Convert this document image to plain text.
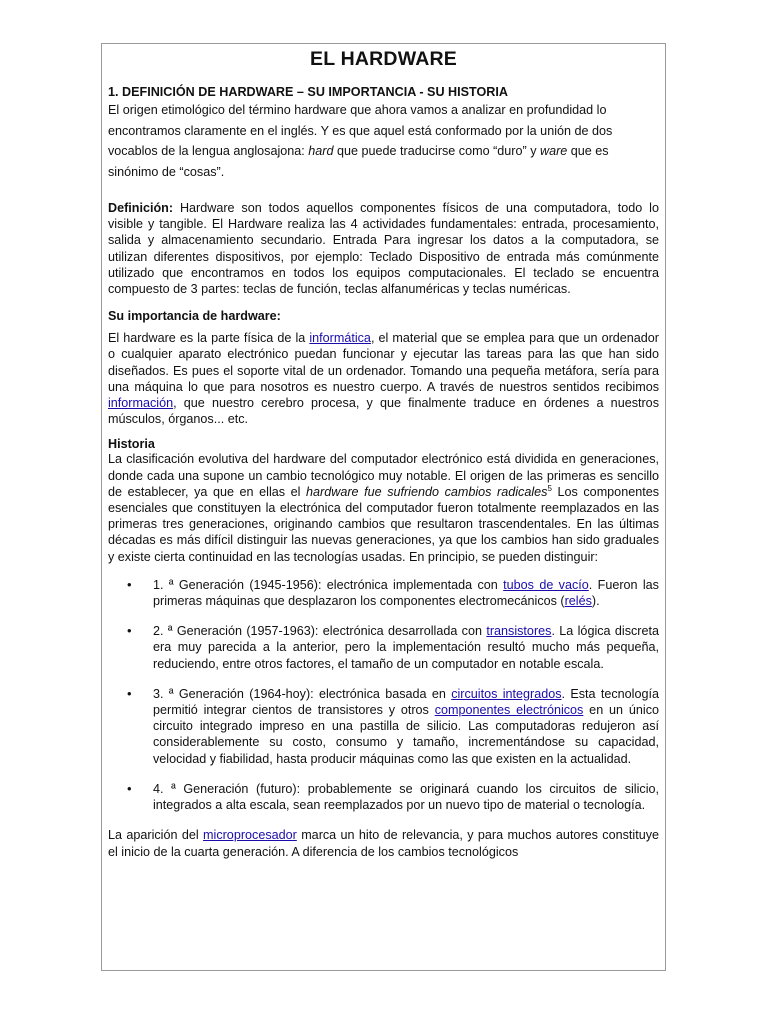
EL HARDWARE
1. DEFINICIÓN DE HARDWARE – SU IMPORTANCIA - SU HISTORIA

El origen etimológico del término hardware que ahora vamos a analizar en profundidad lo encontramos claramente en el inglés. Y es que aquel está conformado por la unión de dos vocablos de la lengua anglosajona: hard que puede traducirse como “duro” y ware que es sinónimo de “cosas”.

Definición: Hardware son todos aquellos componentes físicos de una computadora, todo lo visible y tangible. El Hardware realiza las 4 actividades fundamentales: entrada, procesamiento, salida y almacenamiento secundario. Entrada Para ingresar los datos a la computadora, se utilizan diferentes dispositivos, por ejemplo: Teclado Dispositivo de entrada más comúnmente utilizado que encontramos en todos los equipos computacionales. El teclado se encuentra compuesto de 3 partes: teclas de función, teclas alfanuméricas y teclas numéricas.

Su importancia de hardware:

El hardware es la parte física de la informática, el material que se emplea para que un ordenador o cualquier aparato electrónico puedan funcionar y ejecutar las tareas para las que han sido diseñados. Es pues el soporte vital de un ordenador. Tomando una pequeña metáfora, sería para una máquina lo que para nosotros es nuestro cuerpo. A través de nuestros sentidos recibimos información, que nuestro cerebro procesa, y que finalmente traduce en órdenes a nuestros músculos, órganos... etc.

Historia

La clasificación evolutiva del hardware del computador electrónico está dividida en generaciones, donde cada una supone un cambio tecnológico muy notable. El origen de las primeras es sencillo de establecer, ya que en ellas el hardware fue sufriendo cambios radicales$^5$ Los componentes esenciales que constituyen la electrónica del computador fueron totalmente reemplazados en las primeras tres generaciones, originando cambios que resultaron trascendentales. En las últimas décadas es más difícil distinguir las nuevas generaciones, ya que los cambios han sido graduales y existe cierta continuidad en las tecnologías usadas. En principio, se pueden distinguir:

• 1. ª Generación (1945-1956): electrónica implementada con tubos de vacío. Fueron las primeras máquinas que desplazaron los componentes electromecánicos (relés).
• 2. ª Generación (1957-1963): electrónica desarrollada con transistores. La lógica discreta era muy parecida a la anterior, pero la implementación resultó mucho más pequeña, reduciendo, entre otros factores, el tamaño de un computador en notable escala.
• 3. ª Generación (1964-hoy): electrónica basada en circuitos integrados. Esta tecnología permitió integrar cientos de transistores y otros componentes electrónicos en un único circuito integrado impreso en una pastilla de silicio. Las computadoras redujeron así considerablemente su costo, consumo y tamaño, incrementándose su capacidad, velocidad y fiabilidad, hasta producir máquinas como las que existen en la actualidad.
• 4. ª Generación (futuro): probablemente se originará cuando los circuitos de silicio, integrados a alta escala, sean reemplazados por un nuevo tipo de material o tecnología.

La aparición del microprocesador marca un hito de relevancia, y para muchos autores constituye el inicio de la cuarta generación. A diferencia de los cambios tecnológicos
